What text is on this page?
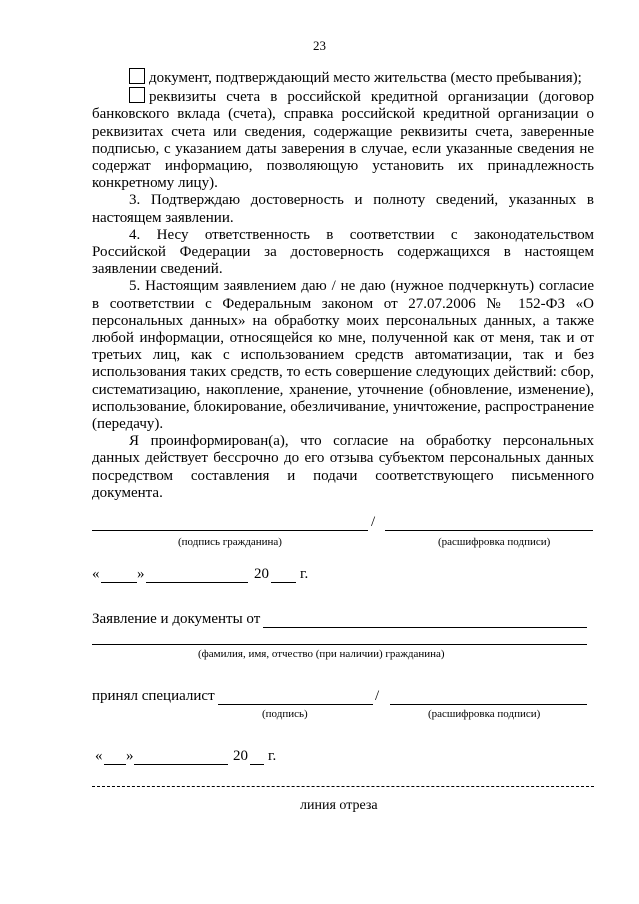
23

документ, подтверждающий место жительства (место пребывания);

реквизиты счета в российской кредитной организации (договор банковского вклада (счета), справка российской кредитной организации о реквизитах счета или сведения, содержащие реквизиты счета, заверенные подписью, с указанием даты заверения в случае, если указанные сведения не содержат информацию, позволяющую установить их принадлежность конкретному лицу).

3. Подтверждаю достоверность и полноту сведений, указанных в настоящем заявлении.

4. Несу ответственность в соответствии с законодательством Российской Федерации за достоверность содержащихся в настоящем заявлении сведений.

5. Настоящим заявлением даю / не даю (нужное подчеркнуть) согласие в соответствии с Федеральным законом от 27.07.2006 № 152-ФЗ «О персональных данных» на обработку моих персональных данных, а также любой информации, относящейся ко мне, полученной как от меня, так и от третьих лиц, как с использованием средств автоматизации, так и без использования таких средств, то есть совершение следующих действий: сбор, систематизацию, накопление, хранение, уточнение (обновление, изменение), использование, блокирование, обезличивание, уничтожение, распространение (передачу).

Я проинформирован(а), что согласие на обработку персональных данных действует бессрочно до его отзыва субъектом персональных данных посредством составления и подачи соответствующего письменного документа.

/
(подпись гражданина)	(расшифровка подписи)
«	»	20 г.
Заявление и документы от
(фамилия, имя, отчество (при наличии) гражданина)
принял специалист	/
(подпись)	(расшифровка подписи)
« »	20 г.
линия отреза
